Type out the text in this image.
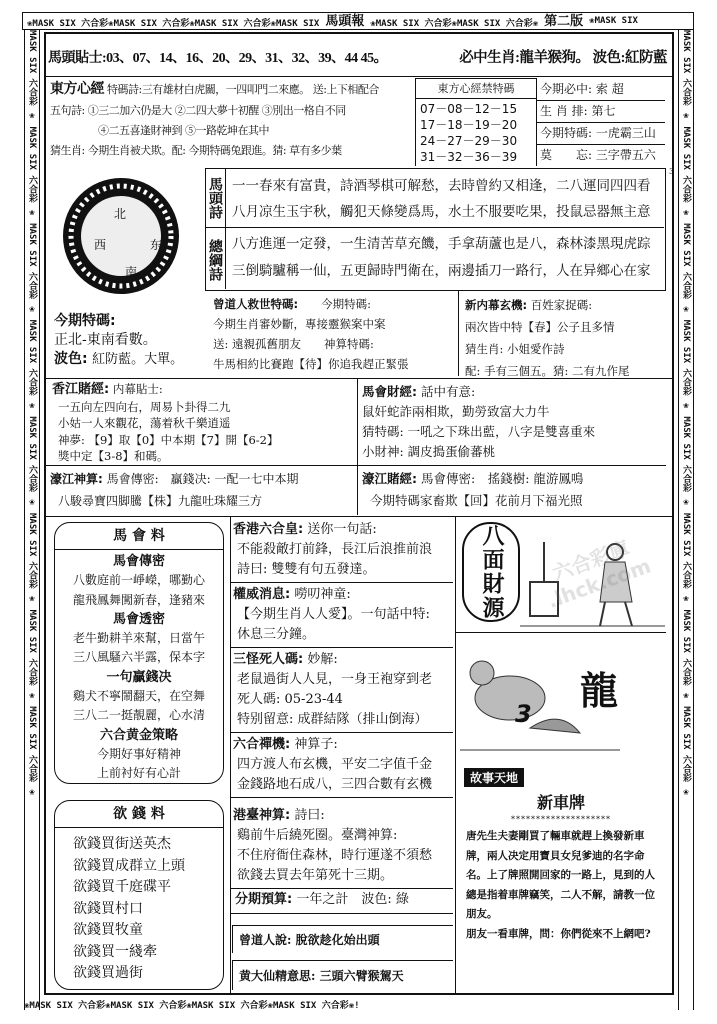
❀MASK SIX 六合彩❀MASK SIX 六合彩❀MASK SIX 六合彩❀MASK SIX 馬頭報 ❀MASK SIX 六合彩❀MASK SIX 六合彩❀ 第二版 ❀MASK SIX
MASK SIX 六合彩 ❀ MASK SIX 六合彩 ❀ MASK SIX 六合彩 ❀ MASK SIX 六合彩 ❀ MASK SIX 六合彩 ❀ MASK SIX 六合彩 ❀ MASK SIX 六合彩 ❀ MASK SIX 六合彩 ❀	MASK SIX 六合彩 ❀ MASK SIX 六合彩 ❀ MASK SIX 六合彩 ❀ MASK SIX 六合彩 ❀ MASK SIX 六合彩 ❀ MASK SIX 六合彩 ❀ MASK SIX 六合彩 ❀ MASK SIX 六合彩 ❀
❀MASK SIX 六合彩❀MASK SIX 六合彩❀MASK SIX 六合彩❀MASK SIX 六合彩❀!
馬頭貼士:03、07、14、16、20、29、31、32、39、44 45。	必中生肖:龍羊猴狗。 波色:紅防藍
東方心經 特碼詩:三有雄材白虎關，一四叩門二來應。 送:上下相配合
五句詩: ①三二加六仍是大 ②二四大夢十初醒 ③別出一格自不同
④二五喜逢財神到 ⑤一路乾坤在其中
猜生肖: 今期生肖被犬欺。配: 今期特碼兔跟進。猜: 草有多少葉
東方心經禁特碼
07－08－12－15
17－18－19－20
24－27－29－30
31－32－36－39
今期必中: 索 超
生 肖 排: 第七
今期特碼: 一虎霸三山
莫　　忘: 三字帶五六
3
北
西	东
南
今期特碼:
正北-東南看數。
波色: 紅防藍。大單。
馬頭詩 一一春來有富貴，詩酒琴棋可解愁，去時曾約又相逢，二八運同四四看
八月凉生玉宇秋，觸犯天條變爲馬，水土不服要吃果，投鼠忌器無主意
總綱詩 八方進運一定發，一生清苦草充饑，手拿葫蘆也是八，森林漆黑現虎踪
三倒騎驢稱一仙，五更歸時門衛在，兩邊插刀一路行，人在异鄉心在家
曾道人救世特碼:　　 今期特碼:
今期生肖審妙斷，專接靈猴案中案
送: 遠親孤舊朋友　　 神算特碼:
牛馬相約比賽跑【待】你追我趕正緊張
新内幕玄機: 百姓家捉碼:
兩次皆中特【春】公子且多情
猜生肖: 小姐愛作詩
配: 手有三個五。猜: 二有九作尾
香江賭經: 内幕貼士:
一五向左四向右，周易卜卦得二九
小姑一人來觀花，蕩着秋千樂逍遥
神夢: 【9】取【0】中本期【7】開【6-2】
獎中定【3-8】和碼。
馬會財經: 話中有意:
鼠奸蛇詐兩相欺，勤勞致富大力牛
猜特碼: 一吼之下珠出藍，八字是雙喜重來
小財神: 調皮搗蛋偷蕃桃
濠江神算: 馬會傳密:　贏錢决: 一配一七中本期
八駿尋寶四脚騰【株】九龍吐珠耀三方
濠江賭經: 馬會傳密:　搖錢樹: 龍游鳳鳴
今期特碼家畜欺【回】花前月下福光照
馬 會 料
馬會傳密
八數庭前一崢嶸，哪勤心
龍飛鳳舞闖新春，逢豬來
馬會透密
老牛勤耕羊來幫，日當午
三八風騷六半露，保本字
一句贏錢决
鷄犬不寧鬧翻天，在空舞
三八二一挺靚麗，心水清
六合黄金策略
今期好事好精神
上前衬好有心計
欲 錢 料
欲錢買街送英杰
欲錢買成群立上頭
欲錢買千庭碟平
欲錢買村口
欲錢買牧童
欲錢買一綫牽
欲錢買過街
香港六合皇: 送你一句話:
不能殺敵打前鋒，長江后浪推前浪
詩曰: 雙雙有句五發達。
權威消息: 嘮叨神童:
【今期生肖人人愛】。一句話中特:
休息三分鐘。
三怪死人碼: 妙解:
老鼠過街人人見，一身王袍穿到老
死人碼: 05-23-44
特别留意: 成群結隊（排山倒海）
六合禪機: 神算子:
四方渡人布玄機，平安二字值千金
金錢路地石成八，三四合數有玄機
港臺神算: 詩曰:
鷄前牛后繞死圈。臺灣神算:
不住府衙住森林，時行運遂不須愁
欲錢去買去年第死十三期。
分期預算: 一年之計　波色: 綠
曾道人說: 脫欲趁化始出頭
黄大仙精意思: 三頭六臂猴駕天
八面財源	六合彩庫 .lhck.com
龍
3
故事天地
新車牌
********************

唐先生夫妻剛買了輛車就趕上換發新車牌，兩人决定用寶貝女兒爹迪的名字命名。上了牌照開回家的一路上，見到的人總是指着車牌竊笑，二人不解，請教一位朋友。

朋友一看車牌，問：你們從來不上網吧?
